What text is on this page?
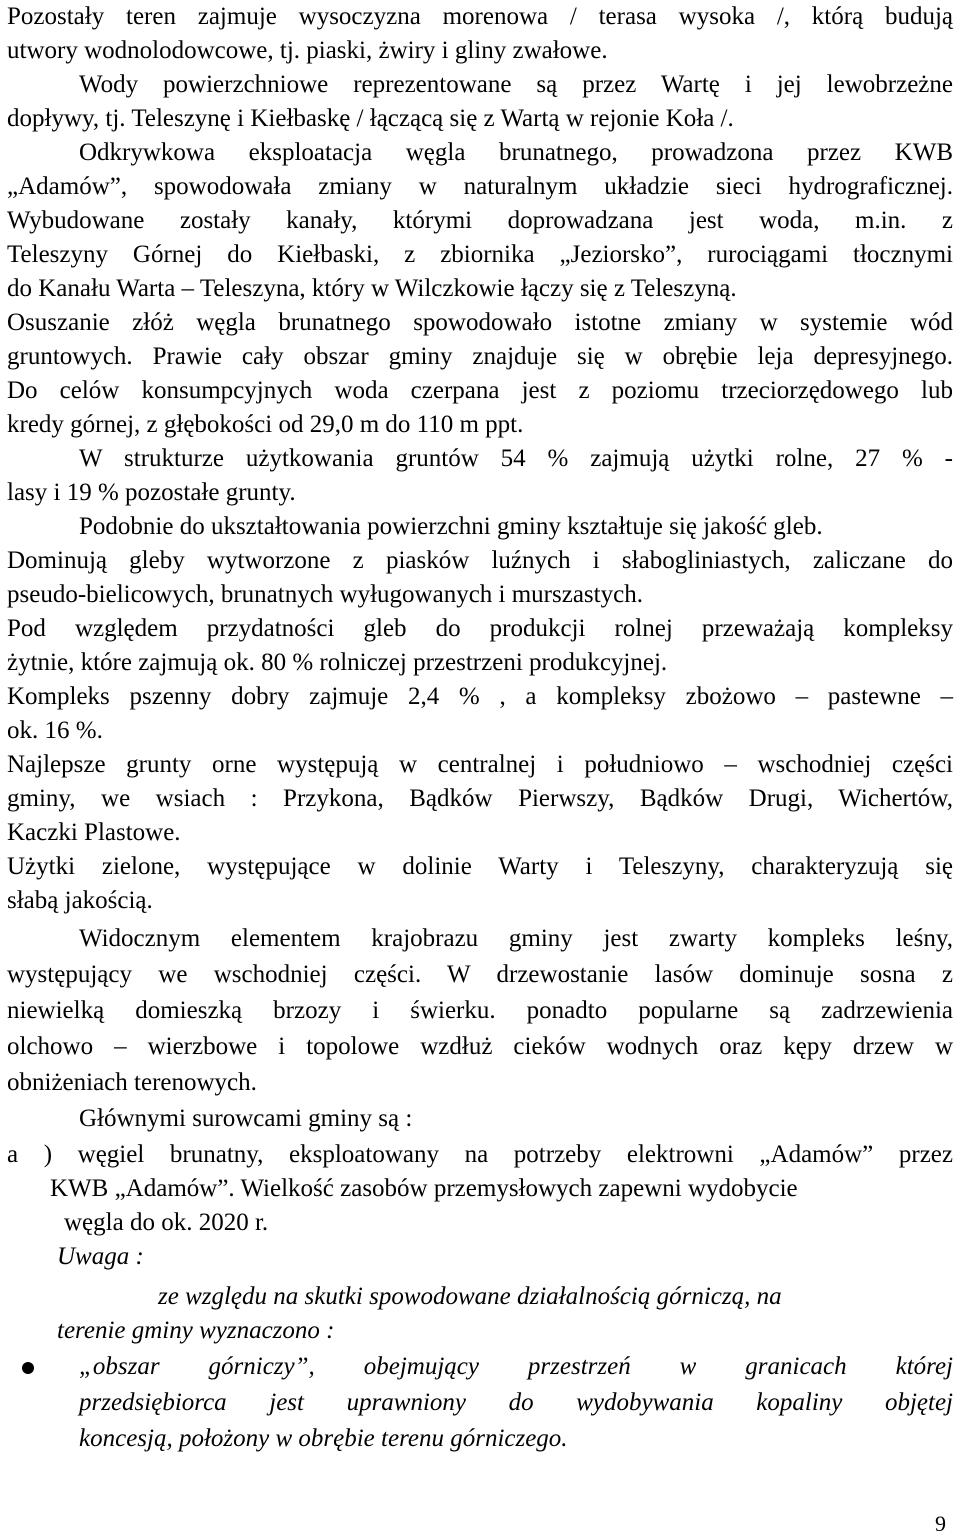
Pozostały teren zajmuje wysoczyzna morenowa / terasa wysoka /, którą budują
utwory wodnolodowcowe, tj. piaski, żwiry i gliny zwałowe.
Wody powierzchniowe reprezentowane są przez Wartę i jej lewobrzeżne
dopływy, tj. Teleszynę i Kiełbaskę / łączącą się z Wartą w rejonie Koła /.
Odkrywkowa eksploatacja węgla brunatnego, prowadzona przez KWB
„Adamów”, spowodowała zmiany w naturalnym układzie sieci hydrograficznej.
Wybudowane zostały kanały, którymi doprowadzana jest woda, m.in. z
Teleszyny Górnej do Kiełbaski, z zbiornika „Jeziorsko”, rurociągami tłocznymi
do Kanału Warta – Teleszyna, który w Wilczkowie łączy się z Teleszyną.
Osuszanie złóż węgla brunatnego spowodowało istotne zmiany w systemie wód
gruntowych. Prawie cały obszar gminy znajduje się w obrębie leja depresyjnego.
Do celów konsumpcyjnych woda czerpana jest z poziomu trzeciorzędowego lub
kredy górnej, z głębokości od 29,0 m do 110 m ppt.
W strukturze użytkowania gruntów 54 % zajmują użytki rolne, 27 % -
lasy i 19 % pozostałe grunty.
Podobnie do ukształtowania powierzchni gminy kształtuje się jakość gleb.
Dominują gleby wytworzone z piasków luźnych i słabogliniastych, zaliczane do
pseudo-bielicowych, brunatnych wyługowanych i murszastych.
Pod względem przydatności gleb do produkcji rolnej przeważają kompleksy
żytnie, które zajmują ok. 80 % rolniczej przestrzeni produkcyjnej.
Kompleks pszenny dobry zajmuje 2,4 % , a kompleksy zbożowo – pastewne –
ok. 16 %.
Najlepsze grunty orne występują w centralnej i południowo – wschodniej części
gminy, we wsiach : Przykona, Bądków Pierwszy, Bądków Drugi, Wichertów,
Kaczki Plastowe.
Użytki zielone, występujące w dolinie Warty i Teleszyny, charakteryzują się
słabą jakością.
Widocznym elementem krajobrazu gminy jest zwarty kompleks leśny,
występujący we wschodniej części. W drzewostanie lasów dominuje sosna z
niewielką domieszką brzozy i świerku. ponadto popularne są zadrzewienia
olchowo – wierzbowe i topolowe wzdłuż cieków wodnych oraz kępy drzew w
obniżeniach terenowych.
Głównymi surowcami gminy są :
a ) węgiel brunatny, eksploatowany na potrzeby elektrowni „Adamów” przez
KWB „Adamów”. Wielkość zasobów przemysłowych zapewni wydobycie
węgla do ok. 2020 r.
Uwaga :
ze względu na skutki spowodowane działalnością górniczą, na
terenie gminy wyznaczono :
„obszar górniczy”, obejmujący przestrzeń w granicach której
przedsiębiorca jest uprawniony do wydobywania kopaliny objętej
koncesją, położony w obrębie terenu górniczego.
9
